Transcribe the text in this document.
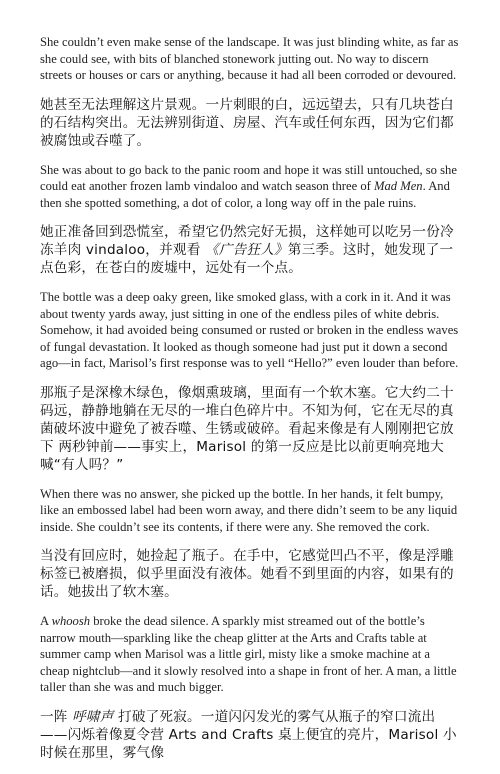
She couldn’t even make sense of the landscape. It was just blinding white, as far as she could see, with bits of blanched stonework jutting out. No way to discern streets or houses or cars or anything, because it had all been corroded or devoured.

她甚至无法理解这片景观。一片刺眼的白，远远望去，只有几块苍白的石结构突出。无法辨别街道、房屋、汽车或任何东西，因为它们都被腐蚀或吞噬了。

She was about to go back to the panic room and hope it was still untouched, so she could eat another frozen lamb vindaloo and watch season three of Mad Men. And then she spotted something, a dot of color, a long way off in the pale ruins.

她正准备回到恐慌室，希望它仍然完好无损，这样她可以吃另一份冷冻羊肉 vindaloo，并观看 《广告狂人》第三季。这时，她发现了一点色彩，在苍白的废墟中，远处有一个点。

The bottle was a deep oaky green, like smoked glass, with a cork in it. And it was about twenty yards away, just sitting in one of the endless piles of white debris. Somehow, it had avoided being consumed or rusted or broken in the endless waves of fungal devastation. It looked as though someone had just put it down a second ago—in fact, Marisol’s first response was to yell “Hello?” even louder than before.

那瓶子是深橡木绿色，像烟熏玻璃，里面有一个软木塞。它大约二十码远，静静地躺在无尽的一堆白色碎片中。不知为何，它在无尽的真菌破坏波中避免了被吞噬、生锈或破碎。看起来像是有人刚刚把它放下 两秒钟前——事实上，Marisol 的第一反应是比以前更响亮地大喊“有人吗？”

When there was no answer, she picked up the bottle. In her hands, it felt bumpy, like an embossed label had been worn away, and there didn’t seem to be any liquid inside. She couldn’t see its contents, if there were any. She removed the cork.

当没有回应时，她捡起了瓶子。在手中，它感觉凹凸不平，像是浮雕标签已被磨损，似乎里面没有液体。她看不到里面的内容，如果有的话。她拔出了软木塞。

A whoosh broke the dead silence. A sparkly mist streamed out of the bottle’s narrow mouth—sparkling like the cheap glitter at the Arts and Crafts table at summer camp when Marisol was a little girl, misty like a smoke machine at a cheap nightclub—and it slowly resolved into a shape in front of her. A man, a little taller than she was and much bigger.

一阵 呼啸声 打破了死寂。一道闪闪发光的雾气从瓶子的窄口流出——闪烁着像夏令营 Arts and Crafts 桌上便宜的亮片，Marisol 小时候在那里，雾气像
